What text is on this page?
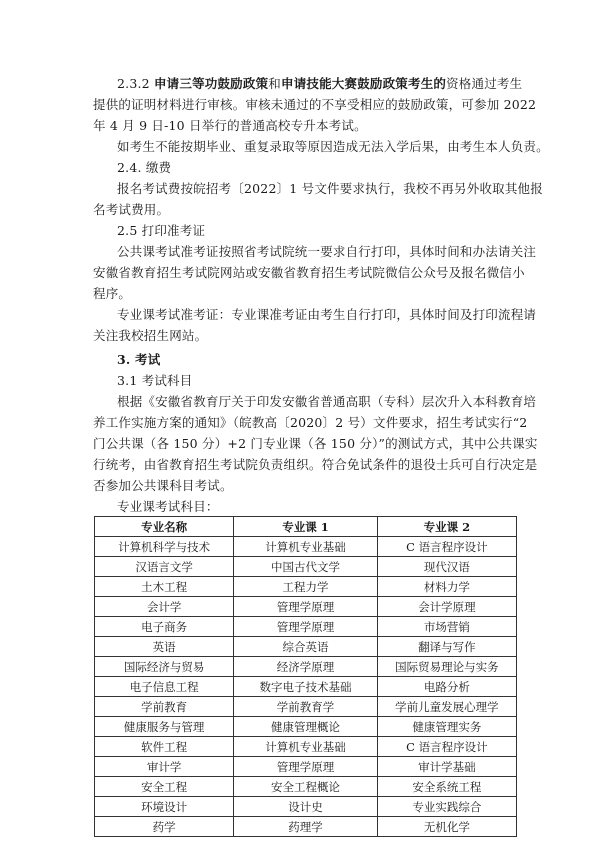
2.3.2 申请三等功鼓励政策和申请技能大赛鼓励政策考生的资格通过考生
提供的证明材料进行审核。审核未通过的不享受相应的鼓励政策，可参加 2022
年 4 月 9 日-10 日举行的普通高校专升本考试。
如考生不能按期毕业、重复录取等原因造成无法入学后果，由考生本人负责。
2.4. 缴费
报名考试费按皖招考〔2022〕1 号文件要求执行，我校不再另外收取其他报
名考试费用。
2.5 打印准考证
公共课考试准考证按照省考试院统一要求自行打印，具体时间和办法请关注
安徽省教育招生考试院网站或安徽省教育招生考试院微信公众号及报名微信小
程序。
专业课考试准考证：专业课准考证由考生自行打印，具体时间及打印流程请
关注我校招生网站。
3. 考试
3.1 考试科目
根据《安徽省教育厅关于印发安徽省普通高职（专科）层次升入本科教育培
养工作实施方案的通知》（皖教高〔2020〕2 号）文件要求，招生考试实行“2
门公共课（各 150 分）+2 门专业课（各 150 分）”的测试方式，其中公共课实
行统考，由省教育招生考试院负责组织。符合免试条件的退役士兵可自行决定是
否参加公共课科目考试。
专业名称	专业课 1	专业课 2
计算机科学与技术	计算机专业基础	C 语言程序设计
汉语言文学	中国古代文学	现代汉语
土木工程	工程力学	材料力学
会计学	管理学原理	会计学原理
电子商务	管理学原理	市场营销
英语	综合英语	翻译与写作
国际经济与贸易	经济学原理	国际贸易理论与实务
电子信息工程	数字电子技术基础	电路分析
学前教育	学前教育学	学前儿童发展心理学
健康服务与管理	健康管理概论	健康管理实务
软件工程	计算机专业基础	C 语言程序设计
审计学	管理学原理	审计学基础
安全工程	安全工程概论	安全系统工程
环境设计	设计史	专业实践综合
药学	药理学	无机化学
专业课考试科目：
